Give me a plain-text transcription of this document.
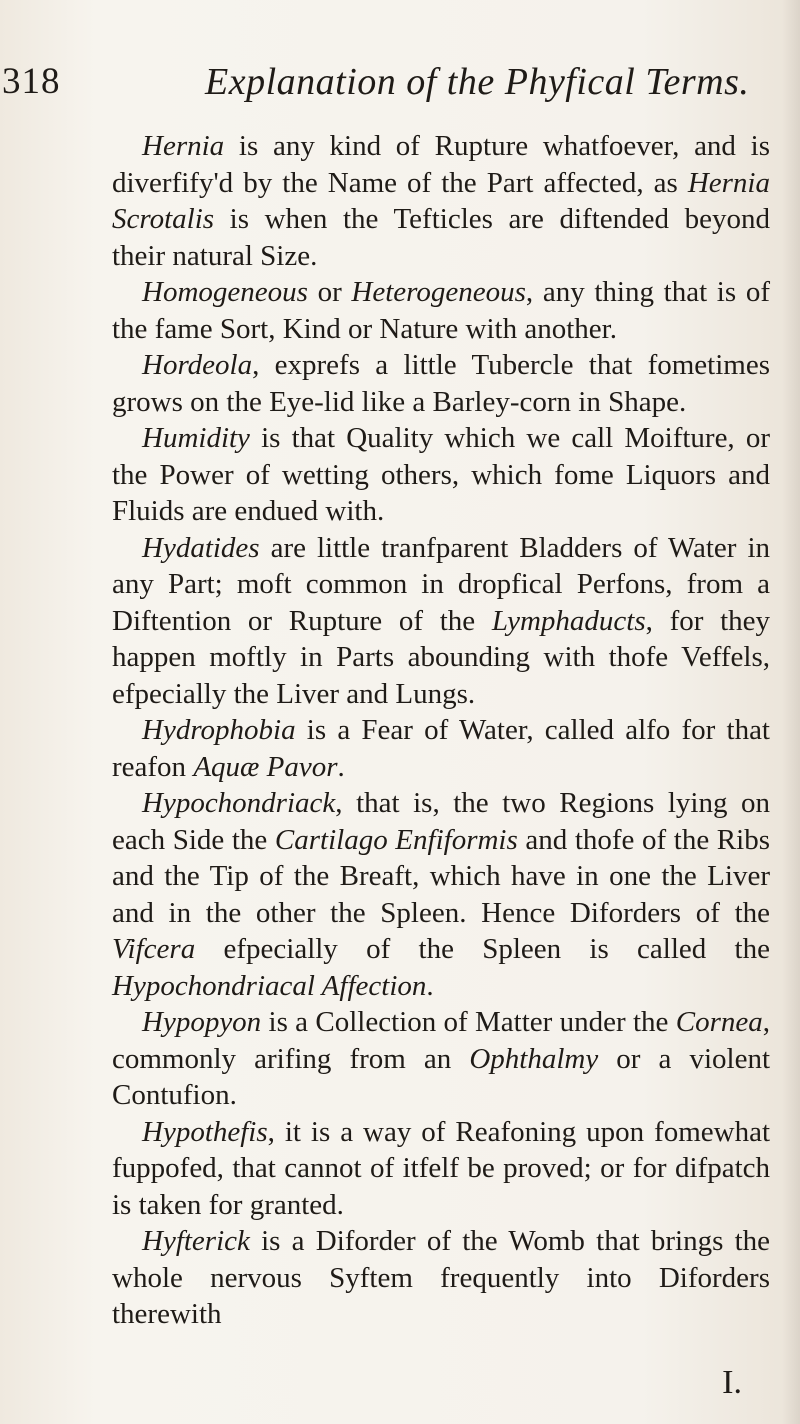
318	Explanation of the Phyfical Terms.

Hernia is any kind of Rupture whatfoever, and is diverfify'd by the Name of the Part affected, as Hernia Scrotalis is when the Tefticles are diftended beyond their natural Size.

Homogeneous or Heterogeneous, any thing that is of the fame Sort, Kind or Nature with another.

Hordeola, exprefs a little Tubercle that fometimes grows on the Eye-lid like a Barley-corn in Shape.

Humidity is that Quality which we call Moifture, or the Power of wetting others, which fome Liquors and Fluids are endued with.

Hydatides are little tranfparent Bladders of Water in any Part; moft common in dropfical Perfons, from a Diftention or Rupture of the Lymphaducts, for they happen moftly in Parts abounding with thofe Veffels, efpecially the Liver and Lungs.

Hydrophobia is a Fear of Water, called alfo for that reafon Aquæ Pavor.

Hypochondriack, that is, the two Regions lying on each Side the Cartilago Enfiformis and thofe of the Ribs and the Tip of the Breaft, which have in one the Liver and in the other the Spleen. Hence Diforders of the Vifcera efpecially of the Spleen is called the Hypochondriacal Affection.

Hypopyon is a Collection of Matter under the Cornea, commonly arifing from an Ophthalmy or a violent Contufion.

Hypothefis, it is a way of Reafoning upon fomewhat fuppofed, that cannot of itfelf be proved; or for difpatch is taken for granted.

Hyfterick is a Diforder of the Womb that brings the whole nervous Syftem frequently into Diforders therewith

I.
